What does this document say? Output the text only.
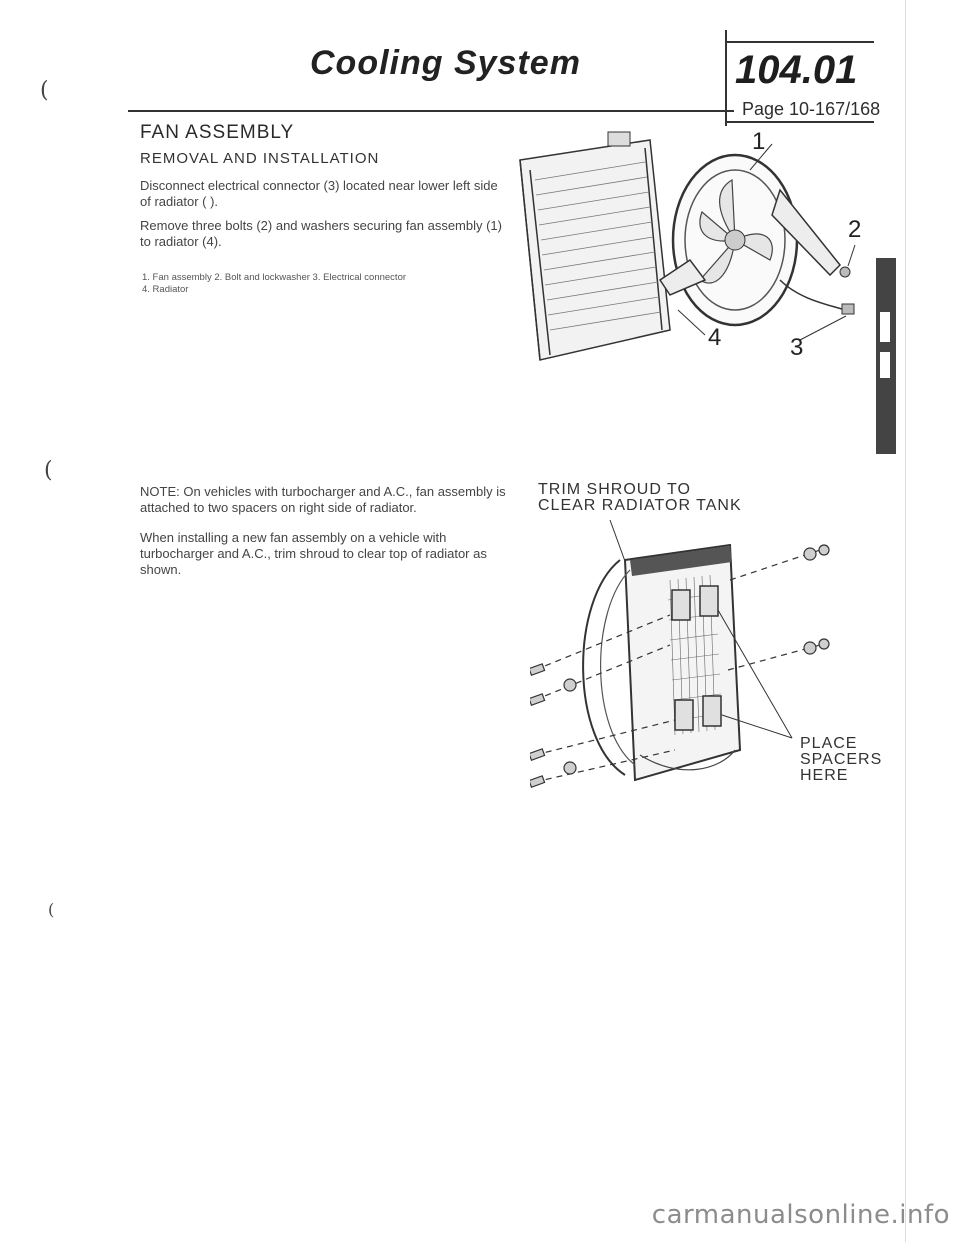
Cooling System	104.01
Page 10-167/168
(
(
(
FAN ASSEMBLY
REMOVAL AND INSTALLATION
Disconnect electrical connector (3) located near lower left side of radiator ( ).
Remove three bolts (2) and washers securing fan assembly (1) to radiator (4).
1. Fan assembly 2. Bolt and lockwasher 3. Electrical connector
4. Radiator
NOTE: On vehicles with turbocharger and A.C., fan assembly is attached to two spacers on right side of radiator.
When installing a new fan assembly on a vehicle with turbocharger and A.C., trim shroud to clear top of radiator as shown.
1
2
3
4
TRIM SHROUD TO
CLEAR RADIATOR TANK
PLACE
SPACERS
HERE
carmanualsonline.info
